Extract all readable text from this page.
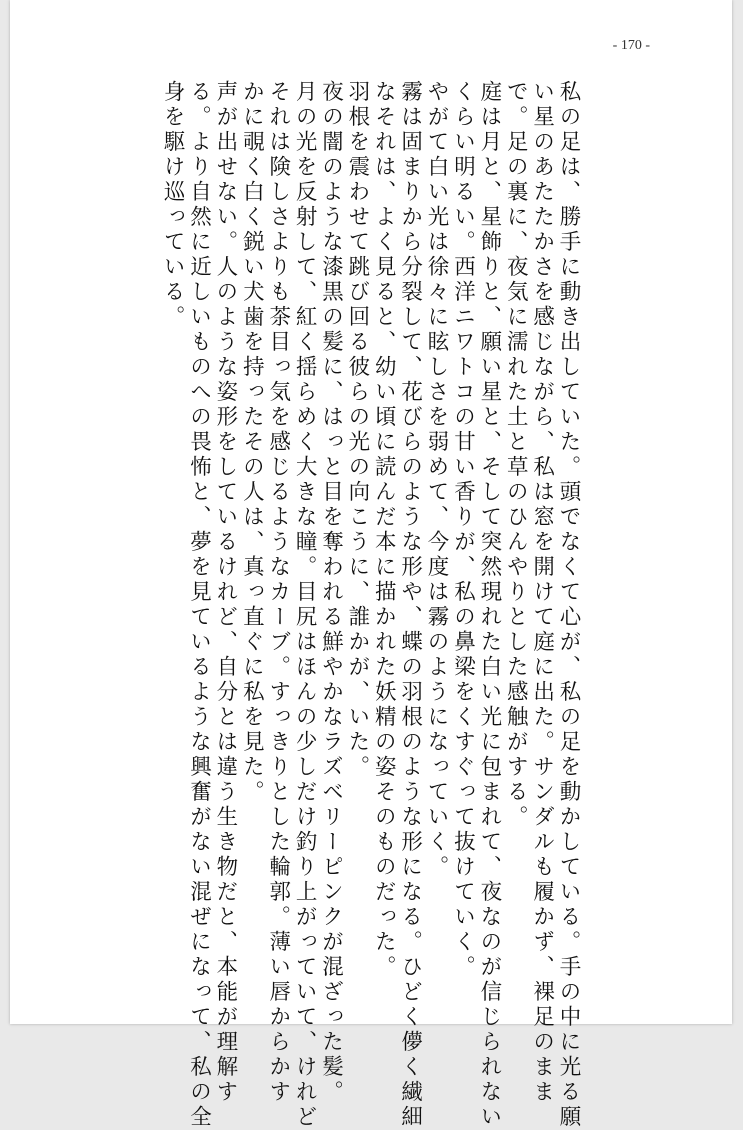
- 170 -

私の足は、勝手に動き出していた。頭でなくて心が、私の足を動かしている。手の中に光る願

い星のあたたかさを感じながら、私は窓を開けて庭に出た。サンダルも履かず、裸足のまま

で。足の裏に、夜気に濡れた土と草のひんやりとした感触がする。

庭は月と、星飾りと、願い星と、そして突然現れた白い光に包まれて、夜なのが信じられない

くらい明るい。西洋ニワトコの甘い香りが、私の鼻梁をくすぐって抜けていく。

やがて白い光は徐々に眩しさを弱めて、今度は霧のようになっていく。

霧は固まりから分裂して、花びらのような形や、蝶の羽根のような形になる。ひどく儚く繊細

なそれは、よく見ると、幼い頃に読んだ本に描かれた妖精の姿そのものだった。

羽根を震わせて跳び回る彼らの光の向こうに、誰かが、いた。

夜の闇のような漆黒の髪に、はっと目を奪われる鮮やかなラズベリーピンクが混ざった髪。

月の光を反射して、紅く揺らめく大きな瞳。目尻はほんの少しだけ釣り上がっていて、けれど

それは険しさよりも茶目っ気を感じるようなカーブ。すっきりとした輪郭。薄い唇からかす

かに覗く白く鋭い犬歯を持ったその人は、真っ直ぐに私を見た。

声が出せない。人のような姿形をしているけれど、自分とは違う生き物だと、本能が理解す

る。より自然に近しいものへの畏怖と、夢を見ているような興奮がない混ぜになって、私の全

身を駆け巡っている。
